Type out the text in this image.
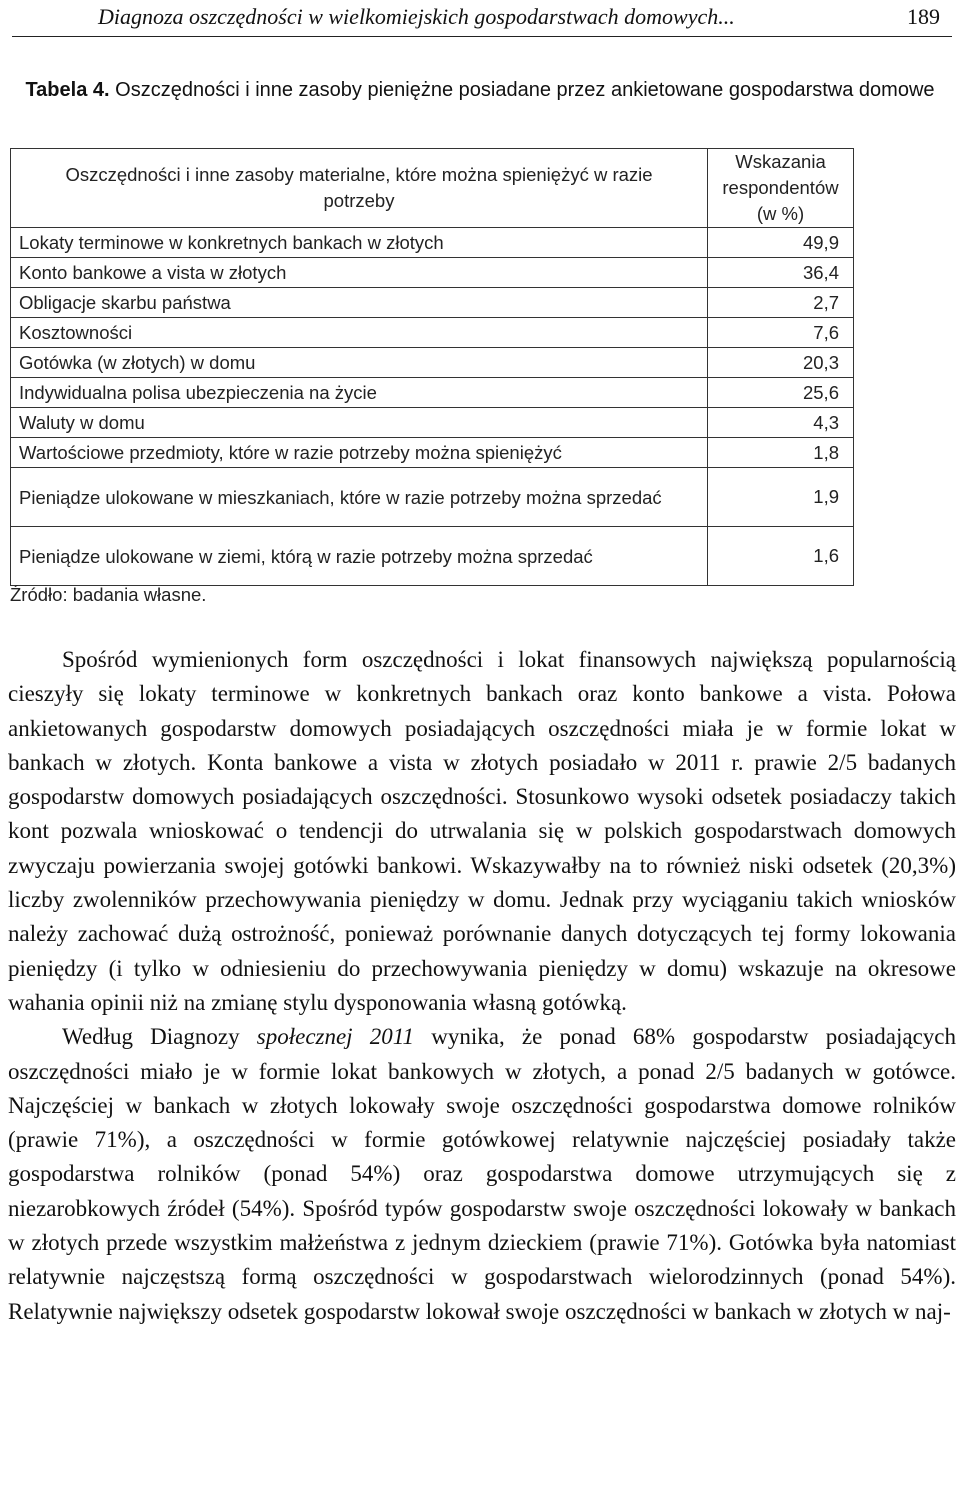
Diagnoza oszczędności w wielkomiejskich gospodarstwach domowych...	189
Tabela 4. Oszczędności i inne zasoby pieniężne posiadane przez ankietowane gospodarstwa domowe
Oszczędności i inne zasoby materialne, które można spieniężyć w razie potrzeby	Wskazania respondentów (w %)
Lokaty terminowe w konkretnych bankach w złotych	49,9
Konto bankowe a vista w złotych	36,4
Obligacje skarbu państwa	2,7
Kosztowności	7,6
Gotówka (w złotych) w domu	20,3
Indywidualna polisa ubezpieczenia na życie	25,6
Waluty w domu	4,3
Wartościowe przedmioty, które w razie potrzeby można spieniężyć	1,8
Pieniądze ulokowane w mieszkaniach, które w razie potrzeby można sprzedać	1,9
Pieniądze ulokowane w ziemi, którą w razie potrzeby można sprzedać	1,6
Źródło: badania własne.

Spośród wymienionych form oszczędności i lokat finansowych największą popularnością cieszyły się lokaty terminowe w konkretnych bankach oraz konto bankowe a vista. Połowa ankietowanych gospodarstw domowych posiadających oszczędności miała je w formie lokat w bankach w złotych. Konta bankowe a vista w złotych posiadało w 2011 r. prawie 2/5 badanych gospodarstw domowych posiadających oszczędności. Stosunkowo wysoki odsetek posiadaczy takich kont pozwala wnioskować o tendencji do utrwalania się w polskich gospodarstwach domowych zwyczaju powierzania swojej gotówki bankowi. Wskazywałby na to również niski odsetek (20,3%) liczby zwolenników przechowywania pieniędzy w domu. Jednak przy wyciąganiu takich wniosków należy zachować dużą ostrożność, ponieważ porównanie danych dotyczących tej formy lokowania pieniędzy (i tylko w odniesieniu do przechowywania pieniędzy w domu) wskazuje na okresowe wahania opinii niż na zmianę stylu dysponowania własną gotówką.

Według Diagnozy społecznej 2011 wynika, że ponad 68% gospodarstw posiadających oszczędności miało je w formie lokat bankowych w złotych, a ponad 2/5 badanych w gotówce. Najczęściej w bankach w złotych lokowały swoje oszczędności gospodarstwa domowe rolników (prawie 71%), a oszczędności w formie gotówkowej relatywnie najczęściej posiadały także gospodarstwa rolników (ponad 54%) oraz gospodarstwa domowe utrzymujących się z niezarobkowych źródeł (54%). Spośród typów gospodarstw swoje oszczędności lokowały w bankach w złotych przede wszystkim małżeństwa z jednym dzieckiem (prawie 71%). Gotówka była natomiast relatywnie najczęstszą formą oszczędności w gospodarstwach wielorodzinnych (ponad 54%). Relatywnie największy odsetek gospodarstw lokował swoje oszczędności w bankach w złotych w naj-
